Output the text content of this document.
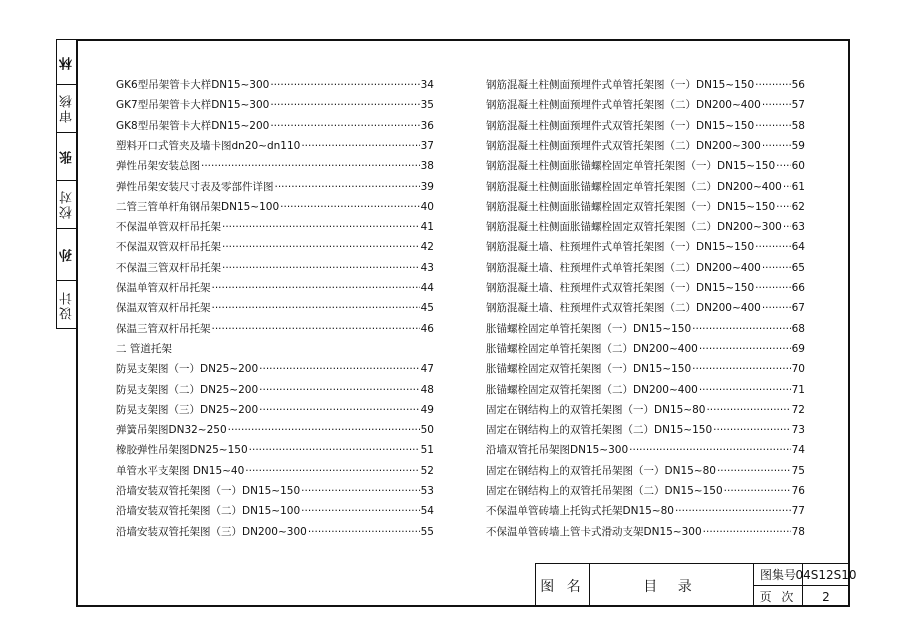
林
审核
张
校对
孙
设计
GK6型吊架管卡大样DN15~300 ·····	34
GK7型吊架管卡大样DN15~300 ·····	35
GK8型吊架管卡大样DN15~200 ·····	36
塑料开口式管夹及墙卡图dn20~dn110 ·····	37
弹性吊架安装总图 ·····	38
弹性吊架安装尺寸表及零部件详图 ·····	39
二管三管单杆角钢吊架DN15~100 ·····	40
不保温单管双杆吊托架 ·····	41
不保温双管双杆吊托架 ·····	42
不保温三管双杆吊托架 ·····	43
保温单管双杆吊托架 ·····	44
保温双管双杆吊托架 ·····	45
保温三管双杆吊托架 ·····	46
二 管道托架
防晃支架图（一）DN25~200 ·····	47
防晃支架图（二）DN25~200 ·····	48
防晃支架图（三）DN25~200 ·····	49
弹簧吊架图DN32~250 ·····	50
橡胶弹性吊架图DN25~150 ·····	51
单管水平支架图 DN15~40 ·····	52
沿墙安装双管托架图（一）DN15~150 ·····	53
沿墙安装双管托架图（二）DN15~100 ·····	54
沿墙安装双管托架图（三）DN200~300 ·····	55
钢筋混凝土柱侧面预埋件式单管托架图（一）DN15~150 ·····	56
钢筋混凝土柱侧面预埋件式单管托架图（二）DN200~400 ·····	57
钢筋混凝土柱侧面预埋件式双管托架图（一）DN15~150 ·····	58
钢筋混凝土柱侧面预埋件式双管托架图（二）DN200~300 ·····	59
钢筋混凝土柱侧面胀锚螺栓固定单管托架图（一）DN15~150 ····· 60
钢筋混凝土柱侧面胀锚螺栓固定单管托架图（二）DN200~400 ····· 61
钢筋混凝土柱侧面胀锚螺栓固定双管托架图（一）DN15~150 ····· 62
钢筋混凝土柱侧面胀锚螺栓固定双管托架图（二）DN200~300 ····· 63
钢筋混凝土墙、柱预埋件式单管托架图（一）DN15~150 ·····	64
钢筋混凝土墙、柱预埋件式单管托架图（二）DN200~400 ·····	65
钢筋混凝土墙、柱预埋件式双管托架图（一）DN15~150 ·····	66
钢筋混凝土墙、柱预埋件式双管托架图（二）DN200~400 ·····	67
胀锚螺栓固定单管托架图（一）DN15~150 ·····	68
胀锚螺栓固定单管托架图（二）DN200~400 ·····	69
胀锚螺栓固定双管托架图（一）DN15~150 ·····	70
胀锚螺栓固定双管托架图（二）DN200~400 ·····	71
固定在钢结构上的双管托架图（一）DN15~80 ·····	72
固定在钢结构上的双管托架图（二）DN15~150 ·····	73
沿墙双管托吊架图DN15~300 ·····	74
固定在钢结构上的双管托吊架图（一）DN15~80 ·····	75
固定在钢结构上的双管托吊架图（二）DN15~150 ·····	76
不保温单管砖墙上托钩式托架DN15~80 ·····	77
不保温单管砖墙上管卡式滑动支架DN15~300 ·····	78
图 名	目 录
图集号 04S12S10
页 次	2
